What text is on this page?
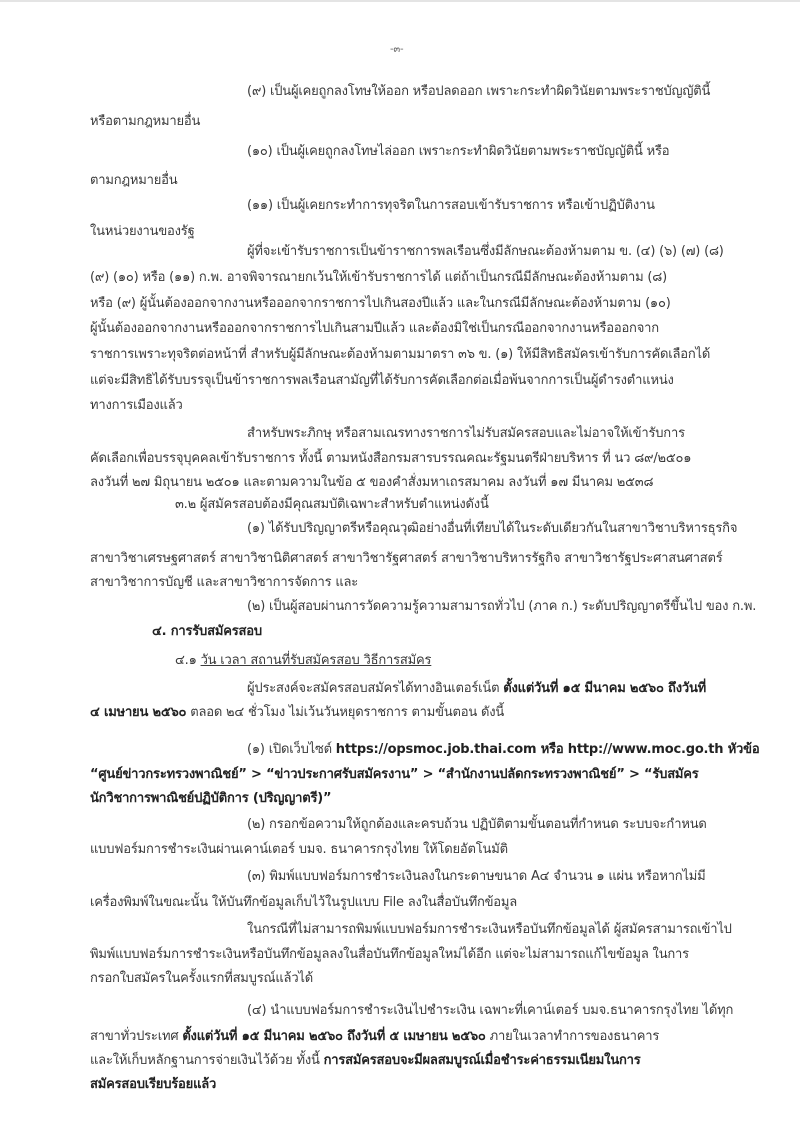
-๓-
(๙) เป็นผู้เคยถูกลงโทษให้ออก หรือปลดออก เพราะกระทำผิดวินัยตามพระราชบัญญัตินี้
หรือตามกฎหมายอื่น
(๑๐) เป็นผู้เคยถูกลงโทษไล่ออก เพราะกระทำผิดวินัยตามพระราชบัญญัตินี้ หรือ
ตามกฎหมายอื่น
(๑๑) เป็นผู้เคยกระทำการทุจริตในการสอบเข้ารับราชการ หรือเข้าปฏิบัติงาน
ในหน่วยงานของรัฐ
ผู้ที่จะเข้ารับราชการเป็นข้าราชการพลเรือนซึ่งมีลักษณะต้องห้ามตาม ข. (๔) (๖) (๗) (๘)
(๙) (๑๐) หรือ (๑๑) ก.พ. อาจพิจารณายกเว้นให้เข้ารับราชการได้ แต่ถ้าเป็นกรณีมีลักษณะต้องห้ามตาม (๘)
หรือ (๙) ผู้นั้นต้องออกจากงานหรือออกจากราชการไปเกินสองปีแล้ว และในกรณีมีลักษณะต้องห้ามตาม (๑๐)
ผู้นั้นต้องออกจากงานหรือออกจากราชการไปเกินสามปีแล้ว และต้องมิใช่เป็นกรณีออกจากงานหรือออกจาก
ราชการเพราะทุจริตต่อหน้าที่ สำหรับผู้มีลักษณะต้องห้ามตามมาตรา ๓๖ ข. (๑) ให้มีสิทธิสมัครเข้ารับการคัดเลือกได้
แต่จะมีสิทธิได้รับบรรจุเป็นข้าราชการพลเรือนสามัญที่ได้รับการคัดเลือกต่อเมื่อพ้นจากการเป็นผู้ดำรงตำแหน่ง
ทางการเมืองแล้ว
สำหรับพระภิกษุ หรือสามเณรทางราชการไม่รับสมัครสอบและไม่อาจให้เข้ารับการ
คัดเลือกเพื่อบรรจุบุคคลเข้ารับราชการ ทั้งนี้ ตามหนังสือกรมสารบรรณคณะรัฐมนตรีฝ่ายบริหาร ที่ นว ๘๙/๒๕๐๑
ลงวันที่ ๒๗ มิถุนายน ๒๕๐๑ และตามความในข้อ ๕ ของคำสั่งมหาเถรสมาคม ลงวันที่ ๑๗ มีนาคม ๒๕๓๘
๓.๒ ผู้สมัครสอบต้องมีคุณสมบัติเฉพาะสำหรับตำแหน่งดังนี้
(๑) ได้รับปริญญาตรีหรือคุณวุฒิอย่างอื่นที่เทียบได้ในระดับเดียวกันในสาขาวิชาบริหารธุรกิจ
สาขาวิชาเศรษฐศาสตร์ สาขาวิชานิติศาสตร์ สาขาวิชารัฐศาสตร์ สาขาวิชาบริหารรัฐกิจ สาขาวิชารัฐประศาสนศาสตร์
สาขาวิชาการบัญชี และสาขาวิชาการจัดการ และ
(๒) เป็นผู้สอบผ่านการวัดความรู้ความสามารถทั่วไป (ภาค ก.) ระดับปริญญาตรีขึ้นไป ของ ก.พ.
๔. การรับสมัครสอบ
๔.๑ วัน เวลา สถานที่รับสมัครสอบ วิธีการสมัคร
ผู้ประสงค์จะสมัครสอบสมัครได้ทางอินเตอร์เน็ต ตั้งแต่วันที่ ๑๕ มีนาคม ๒๕๖๐ ถึงวันที่
๔ เมษายน ๒๕๖๐ ตลอด ๒๔ ชั่วโมง ไม่เว้นวันหยุดราชการ ตามขั้นตอน ดังนี้
(๑) เปิดเว็บไซต์ https://opsmoc.job.thai.com หรือ http://www.moc.go.th หัวข้อ
“ศูนย์ข่าวกระทรวงพาณิชย์” > “ข่าวประกาศรับสมัครงาน” > “สำนักงานปลัดกระทรวงพาณิชย์” > “รับสมัคร
นักวิชาการพาณิชย์ปฏิบัติการ (ปริญญาตรี)”
(๒) กรอกข้อความให้ถูกต้องและครบถ้วน ปฏิบัติตามขั้นตอนที่กำหนด ระบบจะกำหนด
แบบฟอร์มการชำระเงินผ่านเคาน์เตอร์ บมจ. ธนาคารกรุงไทย ให้โดยอัตโนมัติ
(๓) พิมพ์แบบฟอร์มการชำระเงินลงในกระดาษขนาด A๔ จำนวน ๑ แผ่น หรือหากไม่มี
เครื่องพิมพ์ในขณะนั้น ให้บันทึกข้อมูลเก็บไว้ในรูปแบบ File ลงในสื่อบันทึกข้อมูล
ในกรณีที่ไม่สามารถพิมพ์แบบฟอร์มการชำระเงินหรือบันทึกข้อมูลได้ ผู้สมัครสามารถเข้าไป
พิมพ์แบบฟอร์มการชำระเงินหรือบันทึกข้อมูลลงในสื่อบันทึกข้อมูลใหม่ได้อีก แต่จะไม่สามารถแก้ไขข้อมูล ในการ
กรอกใบสมัครในครั้งแรกที่สมบูรณ์แล้วได้
(๔) นำแบบฟอร์มการชำระเงินไปชำระเงิน เฉพาะที่เคาน์เตอร์ บมจ.ธนาคารกรุงไทย ได้ทุก
สาขาทั่วประเทศ ตั้งแต่วันที่ ๑๕ มีนาคม ๒๕๖๐ ถึงวันที่ ๕ เมษายน ๒๕๖๐ ภายในเวลาทำการของธนาคาร
และให้เก็บหลักฐานการจ่ายเงินไว้ด้วย ทั้งนี้ การสมัครสอบจะมีผลสมบูรณ์เมื่อชำระค่าธรรมเนียมในการ
สมัครสอบเรียบร้อยแล้ว
